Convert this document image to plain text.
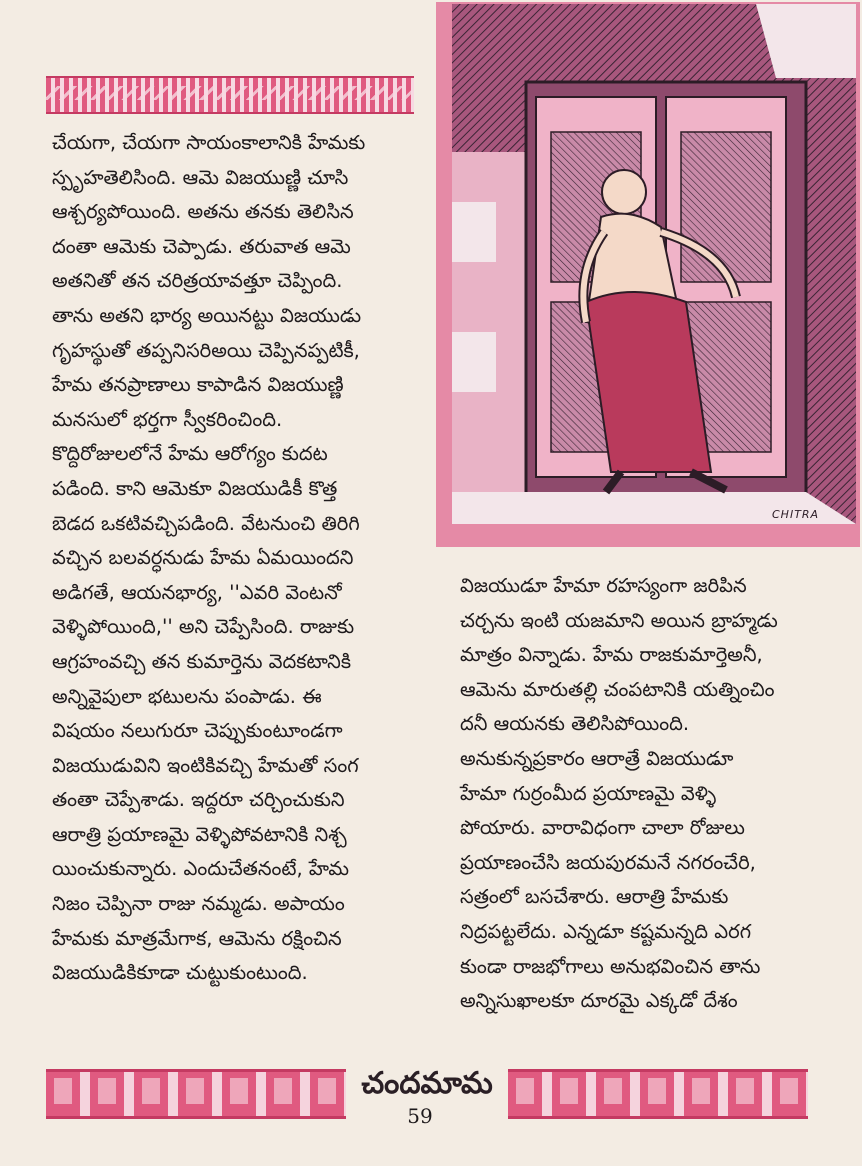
CHITRA
చేయగా, చేయగా సాయంకాలానికి హేమకు
స్పృహతెలిసింది. ఆమె విజయుణ్ణి చూసి
ఆశ్చర్యపోయింది. అతను తనకు తెలిసిన
దంతా ఆమెకు చెప్పాడు. తరువాత ఆమె
అతనితో తన చరిత్రయావత్తూ చెప్పింది.
తాను అతని భార్య అయినట్టు విజయుడు
గృహస్థుతో తప్పనిసరిఅయి చెప్పినప్పటికీ,
హేమ తనప్రాణాలు కాపాడిన విజయుణ్ణి
మనసులో భర్తగా స్వీకరించింది.
కొద్దిరోజులలోనే హేమ ఆరోగ్యం కుదట
పడింది. కాని ఆమెకూ విజయుడికీ కొత్త
బెడద ఒకటివచ్చిపడింది. వేటనుంచి తిరిగి
వచ్చిన బలవర్ధనుడు హేమ ఏమయిందని
అడిగతే, ఆయనభార్య, ''ఎవరి వెంటనో
వెళ్ళిపోయింది,'' అని చెప్పేసింది. రాజుకు
ఆగ్రహంవచ్చి తన కుమార్తెను వెదకటానికి
అన్నివైపులా భటులను పంపాడు. ఈ
విషయం నలుగురూ చెప్పుకుంటూండగా
విజయుడువిని ఇంటికివచ్చి హేమతో సంగ
తంతా చెప్పేశాడు. ఇద్దరూ చర్చించుకుని
ఆరాత్రి ప్రయాణమై వెళ్ళిపోవటానికి నిశ్చ
యించుకున్నారు. ఎందుచేతనంటే, హేమ
నిజం చెప్పినా రాజు నమ్మడు. అపాయం
హేమకు మాత్రమేగాక, ఆమెను రక్షించిన
విజయుడికికూడా చుట్టుకుంటుంది.
విజయుడూ హేమా రహస్యంగా జరిపిన
చర్చను ఇంటి యజమాని అయిన బ్రాహ్మడు
మాత్రం విన్నాడు. హేమ రాజకుమార్తెఅనీ,
ఆమెను మారుతల్లి చంపటానికి యత్నించిం
దనీ ఆయనకు తెలిసిపోయింది.
అనుకున్నప్రకారం ఆరాత్రే విజయుడూ
హేమా గుర్రంమీద ప్రయాణమై వెళ్ళి
పోయారు. వారావిధంగా చాలా రోజులు
ప్రయాణంచేసి జయపురమనే నగరంచేరి,
సత్రంలో బసచేశారు. ఆరాత్రి హేమకు
నిద్రపట్టలేదు. ఎన్నడూ కష్టమన్నది ఎరగ
కుండా రాజభోగాలు అనుభవించిన తాను
అన్నిసుఖాలకూ దూరమై ఎక్కడో దేశం
చందమామ
59
